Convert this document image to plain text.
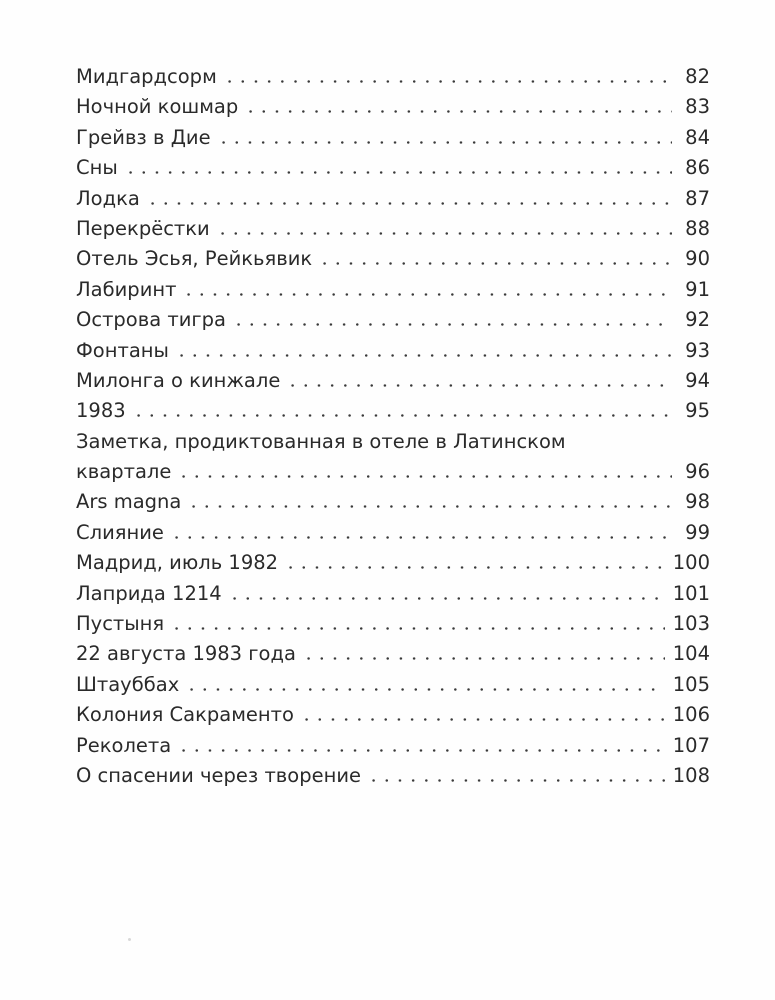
Мидгардсорм	82
Ночной кошмар	83
Грейвз в Дие	84
Сны	86
Лодка	87
Перекрёстки	88
Отель Эсья, Рейкьявик	90
Лабиринт	91
Острова тигра	92
Фонтаны	93
Милонга о кинжале	94
1983	95
Заметка, продиктованная в отеле в Латинском
квартале	96
Ars magna	98
Слияние	99
Мадрид, июль 1982	100
Лаприда 1214	101
Пустыня	103
22 августа 1983 года	104
Штауббах	105
Колония Сакраменто	106
Реколета	107
О спасении через творение	108
